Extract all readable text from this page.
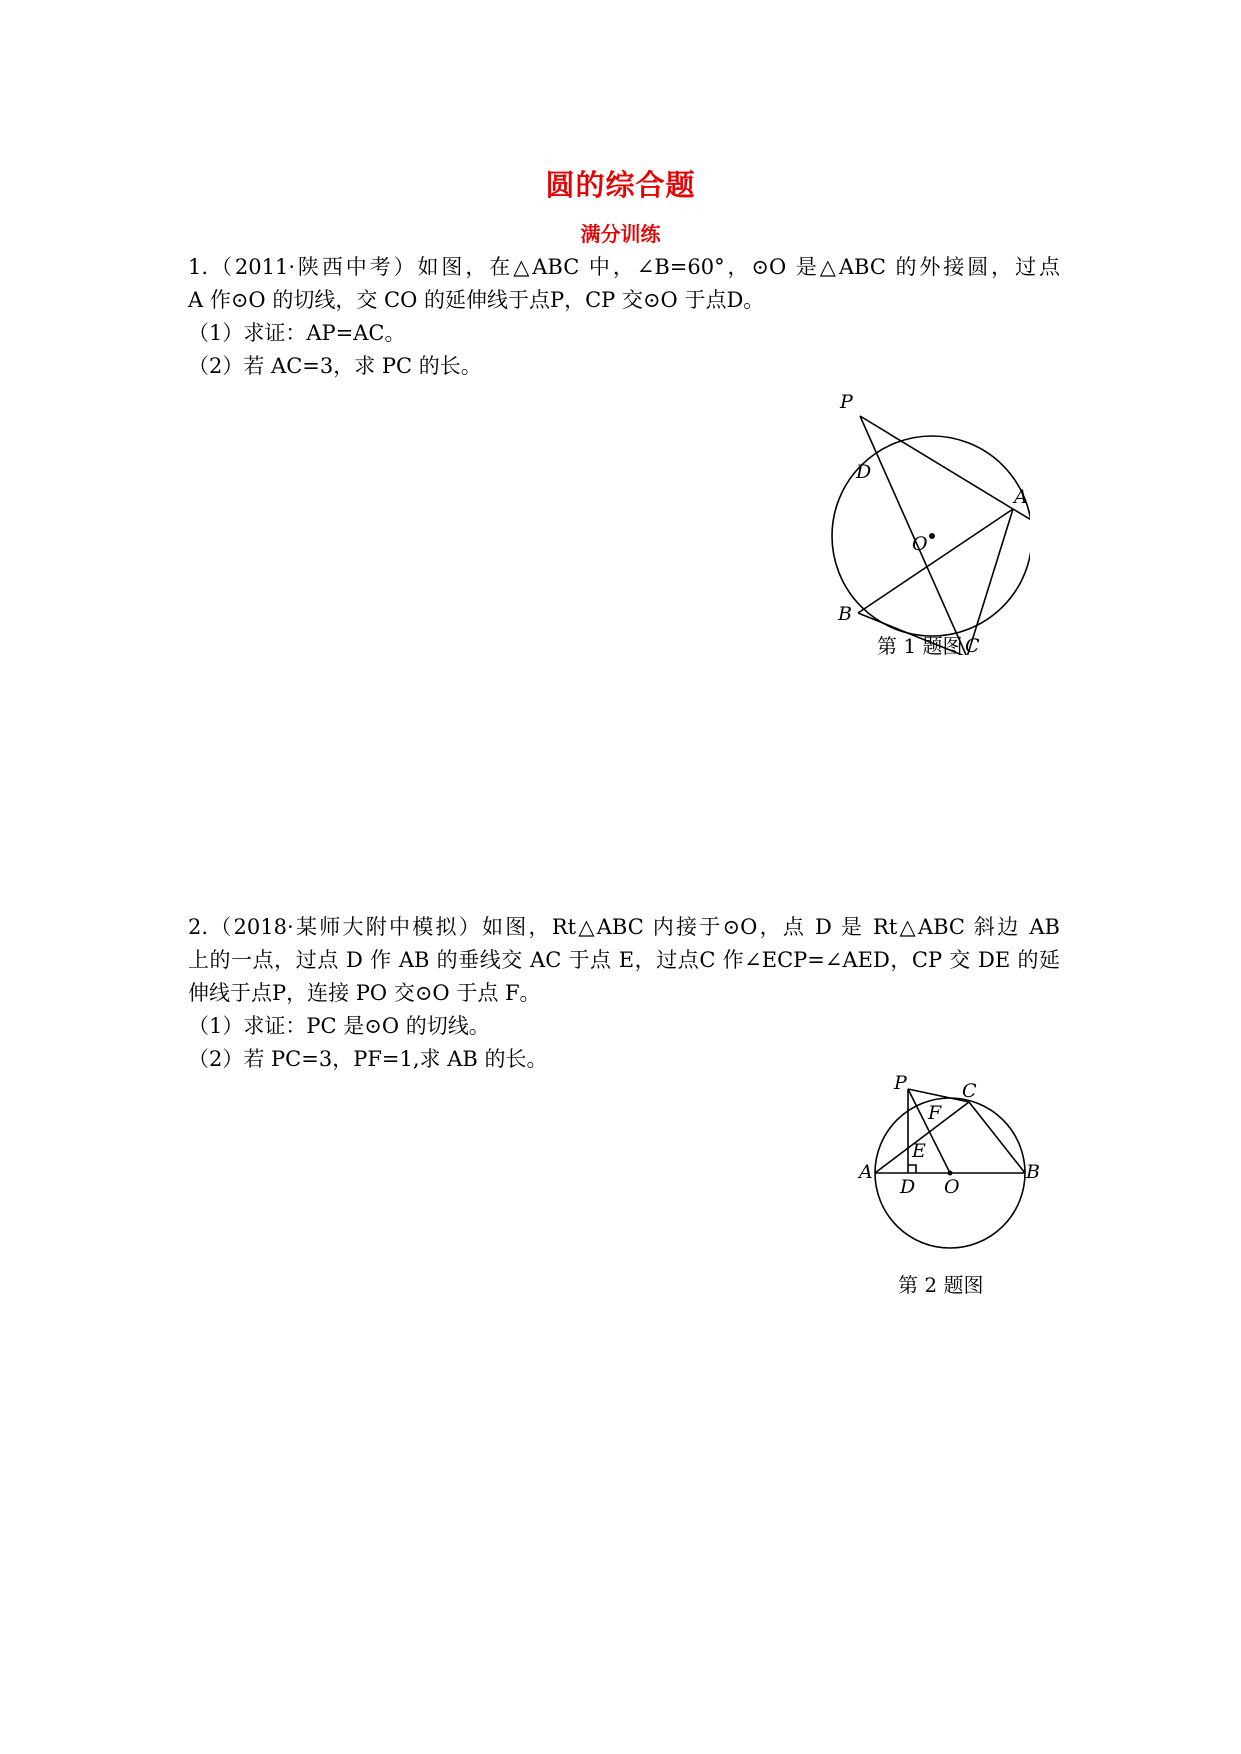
圆的综合题
满分训练
1.（2011·陕西中考）如图，在△ABC 中，∠B=60°，⊙O 是△ABC 的外接圆，过点
A 作⊙O 的切线，交 CO 的延伸线于点P，CP 交⊙O 于点D。
（1）求证：AP=AC。
（2）若 AC=3，求 PC 的长。
P
D
A
O
B
C
第 1 题图
2.（2018·某师大附中模拟）如图，Rt△ABC 内接于⊙O，点 D 是 Rt△ABC 斜边 AB
上的一点，过点 D 作 AB 的垂线交 AC 于点 E，过点C 作∠ECP=∠AED，CP 交 DE 的延
伸线于点P，连接 PO 交⊙O 于点 F。
（1）求证：PC 是⊙O 的切线。
（2）若 PC=3，PF=1,求 AB 的长。
P	C
F
E
A
D O
B
第 2 题图
